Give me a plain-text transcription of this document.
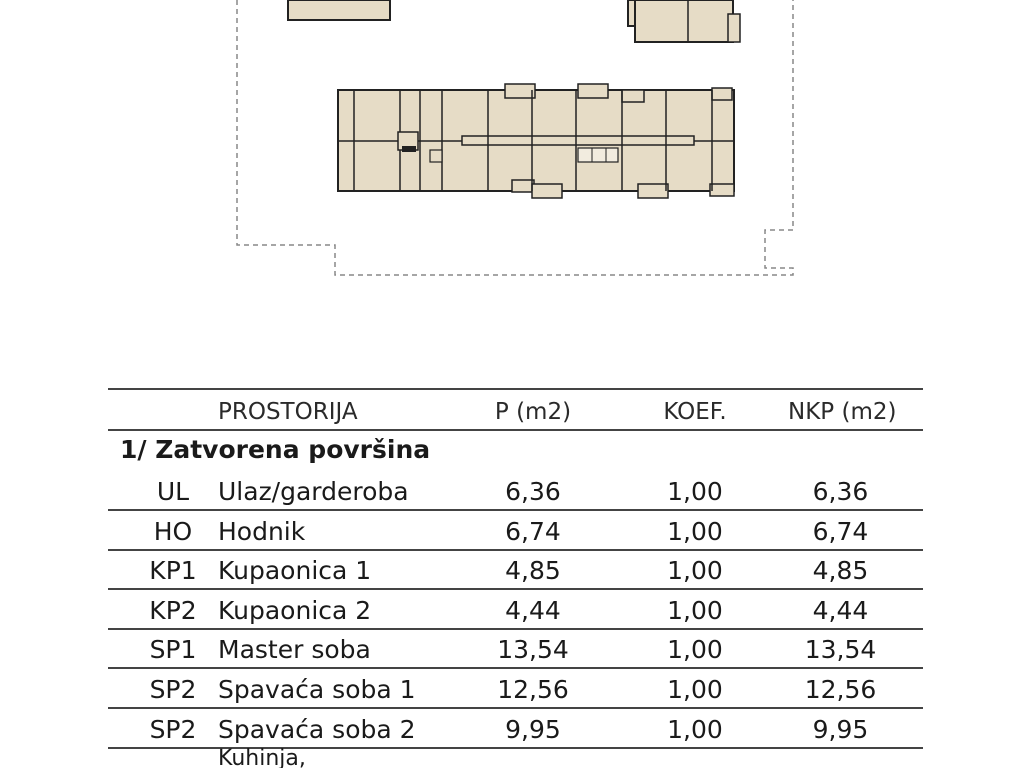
PROSTORIJA	P (m2)	KOEF.	NKP (m2)
1/ Zatvorena površina
UL	Ulaz/garderoba	6,36	1,00	6,36
HO	Hodnik	6,74	1,00	6,74
KP1 Kupaonica 1	4,85	1,00	4,85
KP2 Kupaonica 2	4,44	1,00	4,44
SP1 Master soba	13,54	1,00	13,54
SP2 Spavaća soba 1	12,56	1,00	12,56
SP2 Spavaća soba 2	9,95	1,00	9,95
Kuhinja,
